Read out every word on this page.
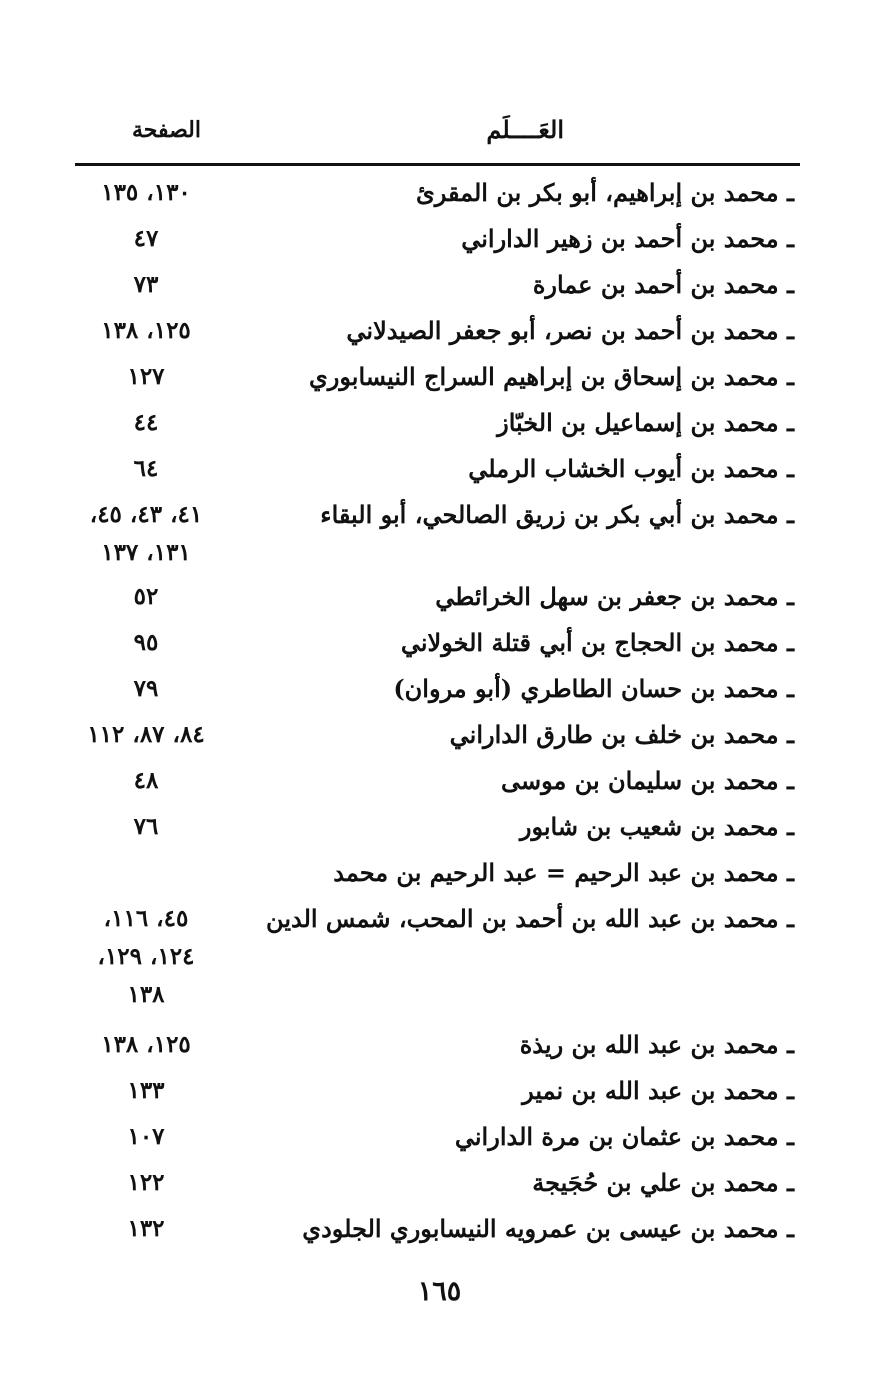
العَــــلَم
الصفحة
ـ محمد بن إبراهيم، أبو بكر بن المقرئ
١٣٠، ١٣٥
ـ محمد بن أحمد بن زهير الداراني
٤٧
ـ محمد بن أحمد بن عمارة
٧٣
ـ محمد بن أحمد بن نصر، أبو جعفر الصيدلاني
١٢٥، ١٣٨
ـ محمد بن إسحاق بن إبراهيم السراج النيسابوري
١٢٧
ـ محمد بن إسماعيل بن الخبّاز
٤٤
ـ محمد بن أيوب الخشاب الرملي
٦٤
ـ محمد بن أبي بكر بن زريق الصالحي، أبو البقاء
٤١، ٤٣، ٤٥،
١٣١، ١٣٧
ـ محمد بن جعفر بن سهل الخرائطي
٥٢
ـ محمد بن الحجاج بن أبي قتلة الخولاني
٩٥
ـ محمد بن حسان الطاطري (أبو مروان)
٧٩
ـ محمد بن خلف بن طارق الداراني
٨٤، ٨٧، ١١٢
ـ محمد بن سليمان بن موسى
٤٨
ـ محمد بن شعيب بن شابور
٧٦
ـ محمد بن عبد الرحيم = عبد الرحيم بن محمد
ـ محمد بن عبد الله بن أحمد بن المحب، شمس الدين
٤٥، ١١٦،
١٢٤، ١٢٩،
١٣٨
ـ محمد بن عبد الله بن ريذة
١٢٥، ١٣٨
ـ محمد بن عبد الله بن نمير
١٣٣
ـ محمد بن عثمان بن مرة الداراني
١٠٧
ـ محمد بن علي بن حُجَيجة
١٢٢
ـ محمد بن عيسى بن عمرويه النيسابوري الجلودي
١٣٢
١٦٥
